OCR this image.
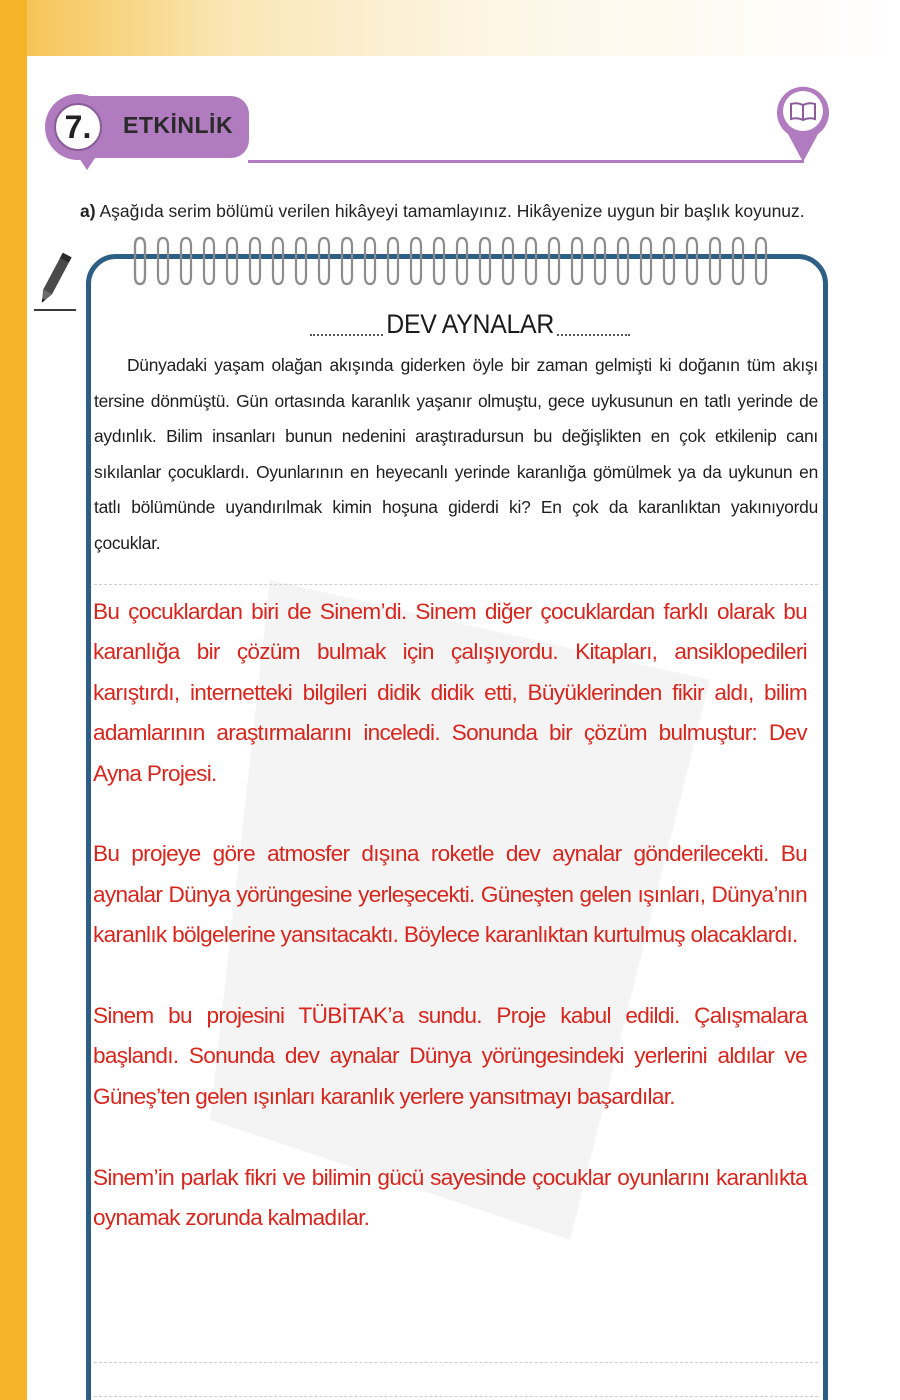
7.	ETKİNLİK
a) Aşağıda serim bölümü verilen hikâyeyi tamamlayınız. Hikâyenize uygun bir başlık koyunuz.
DEV AYNALAR
Dünyadaki yaşam olağan akışında giderken öyle bir zaman gelmişti ki doğanın tüm akışı tersine dönmüştü. Gün ortasında karanlık yaşanır olmuştu, gece uykusunun en tatlı yerinde de aydınlık. Bilim insanları bunun nedenini araştıradursun bu değişlikten en çok etkilenip canı sıkılanlar çocuklardı. Oyunlarının en heyecanlı yerinde karanlığa gömülmek ya da uykunun en tatlı bölümünde uyandırılmak kimin hoşuna giderdi ki? En çok da karanlıktan yakınıyordu çocuklar.

Bu çocuklardan biri de Sinem’di. Sinem diğer çocuklardan farklı olarak bu karanlığa bir çözüm bulmak için çalışıyordu. Kitapları, ansiklopedileri karıştırdı, internetteki bilgileri didik didik etti, Büyüklerinden fikir aldı, bilim adamlarının araştırmalarını inceledi. Sonunda bir çözüm bulmuştur: Dev Ayna Projesi.

Bu projeye göre atmosfer dışına roketle dev aynalar gönderilecekti. Bu aynalar Dünya yörüngesine yerleşecekti. Güneşten gelen ışınları, Dünya’nın karanlık bölgelerine yansıtacaktı. Böylece karanlıktan kurtulmuş olacaklardı.

Sinem bu projesini TÜBİTAK’a sundu. Proje kabul edildi. Çalışmalara başlandı. Sonunda dev aynalar Dünya yörüngesindeki yerlerini aldılar ve Güneş’ten gelen ışınları karanlık yerlere yansıtmayı başardılar.

Sinem’in parlak fikri ve bilimin gücü sayesinde çocuklar oyunlarını karanlıkta oynamak zorunda kalmadılar.
